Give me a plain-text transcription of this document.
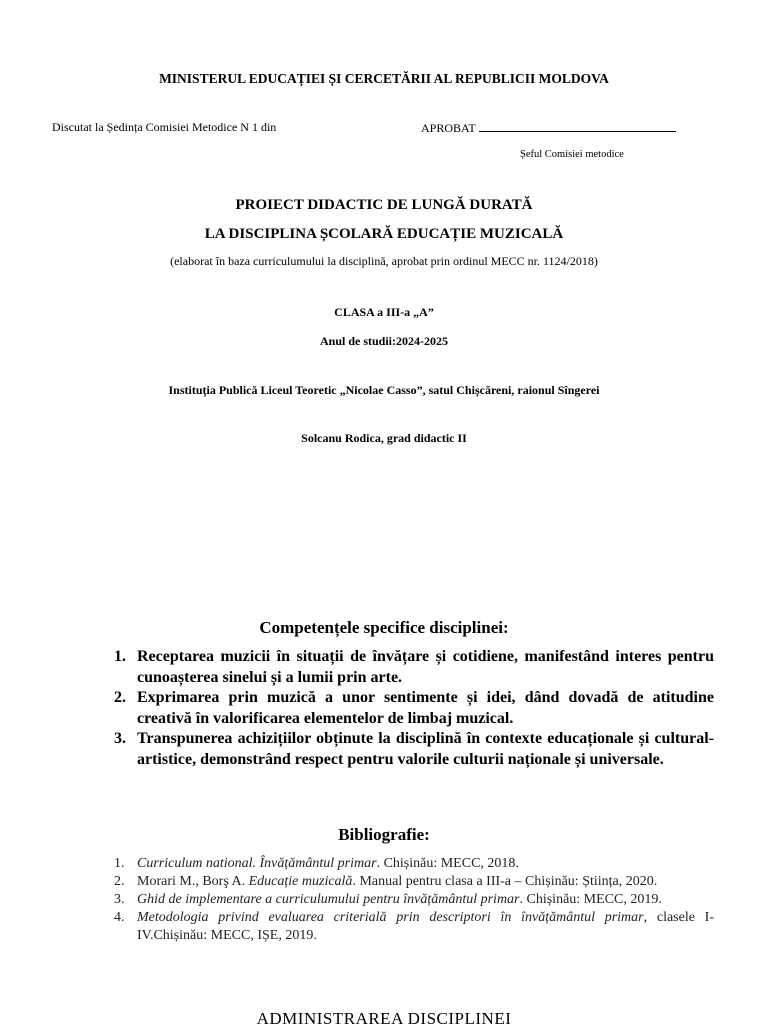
MINISTERUL EDUCAȚIEI ȘI CERCETĂRII AL REPUBLICII MOLDOVA
Discutat la Ședința Comisiei Metodice N 1 din	APROBAT
Șeful Comisiei metodice
PROIECT DIDACTIC DE LUNGĂ DURATĂ
LA DISCIPLINA ȘCOLARĂ EDUCAȚIE MUZICALĂ
(elaborat în baza curriculumului la disciplină, aprobat prin ordinul MECC nr. 1124/2018)
CLASA a III-a „A”
Anul de studii:2024-2025
Instituția Publică Liceul Teoretic „Nicolae Casso”, satul Chișcăreni, raionul Sîngerei
Solcanu Rodica, grad didactic II
Competențele specifice disciplinei:
1. Receptarea muzicii în situații de învățare și cotidiene, manifestând interes pentru cunoașterea sinelui și a lumii prin arte.
2. Exprimarea prin muzică a unor sentimente și idei, dând dovadă de atitudine creativă în valorificarea elementelor de limbaj muzical.
3. Transpunerea achizițiilor obținute la disciplină în contexte educaționale și cultural-artistice, demonstrând respect pentru valorile culturii naționale și universale.
Bibliografie:
1. Curriculum national. Învățământul primar. Chișinău: MECC, 2018.
2. Morari M., Borş A. Educație muzicală. Manual pentru clasa a III-a – Chișinău: Știința, 2020.
3. Ghid de implementare a curriculumului pentru învățământul primar. Chișinău: MECC, 2019.
4. Metodologia privind evaluarea criterială prin descriptori în învățământul primar, clasele I-IV.Chișinău: MECC, IȘE, 2019.
ADMINISTRAREA DISCIPLINEI
